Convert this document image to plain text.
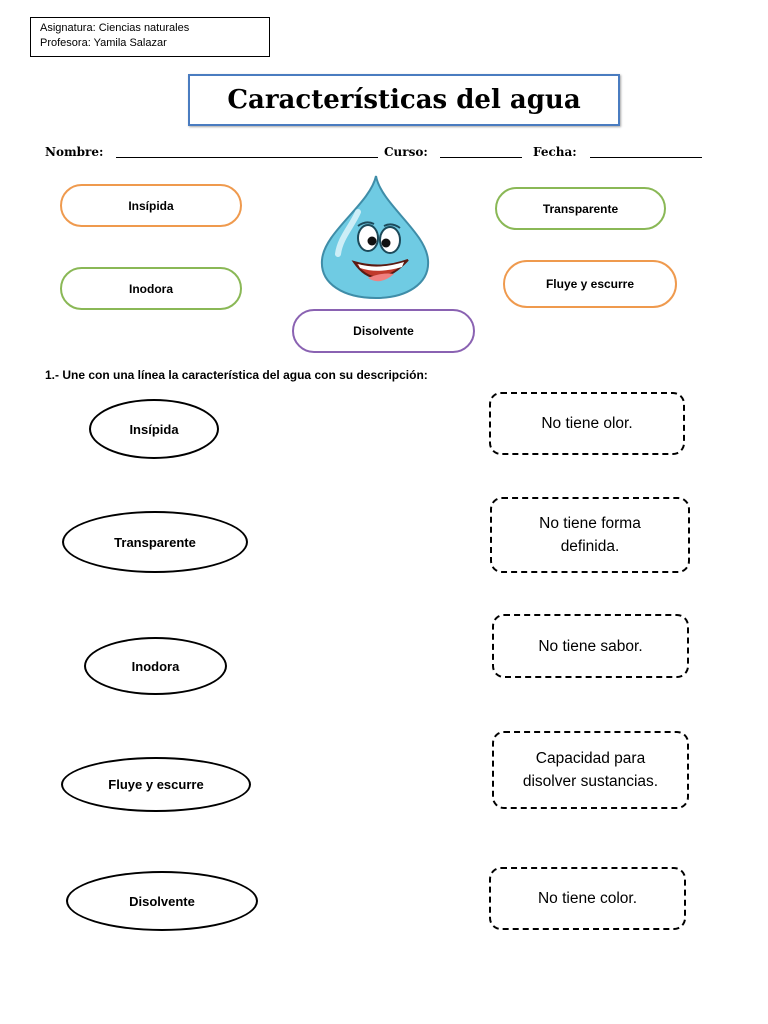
Asignatura: Ciencias naturales
Profesora: Yamila Salazar
Características del agua
Nombre:	Curso:	Fecha:
Insípida
Inodora
Transparente
Fluye y escurre
Disolvente
1.- Une con una línea la característica del agua con su descripción:
Insípida
Transparente
Inodora
Fluye y escurre
Disolvente
No tiene olor.
No tiene forma definida.
No tiene sabor.
Capacidad para disolver sustancias.
No tiene color.
